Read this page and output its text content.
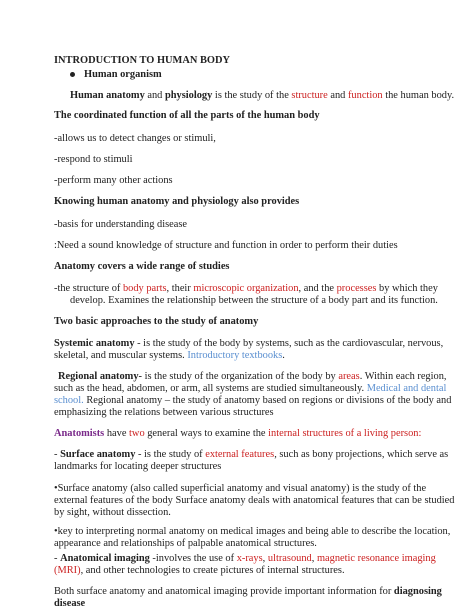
INTRODUCTION TO HUMAN BODY
Human organism
Human anatomy and physiology is the study of the structure and function the human body.
The coordinated function of all the parts of the human body
-allows us to detect changes or stimuli,
-respond to stimuli
-perform many other actions
Knowing human anatomy and physiology also provides
-basis for understanding disease
:Need a sound knowledge of structure and function in order to perform their duties
Anatomy covers a wide range of studies
-the structure of body parts, their microscopic organization, and the processes by which they
develop. Examines the relationship between the structure of a body part and its function.
Two basic approaches to the study of anatomy
Systemic anatomy - is the study of the body by systems, such as the cardiovascular, nervous,
skeletal, and muscular systems. Introductory textbooks.
Regional anatomy- is the study of the organization of the body by areas. Within each region,
such as the head, abdomen, or arm, all systems are studied simultaneously. Medical and dental
school. Regional anatomy – the study of anatomy based on regions or divisions of the body and
emphasizing the relations between various structures
Anatomists have two general ways to examine the internal structures of a living person:
- Surface anatomy - is the study of external features, such as bony projections, which serve as
landmarks for locating deeper structures
•Surface anatomy (also called superficial anatomy and visual anatomy) is the study of the
external features of the body Surface anatomy deals with anatomical features that can be studied
by sight, without dissection.
•key to interpreting normal anatomy on medical images and being able to describe the location,
appearance and relationships of palpable anatomical structures.
- Anatomical imaging -involves the use of x-rays, ultrasound, magnetic resonance imaging
(MRI), and other technologies to create pictures of internal structures.
Both surface anatomy and anatomical imaging provide important information for diagnosing
disease
